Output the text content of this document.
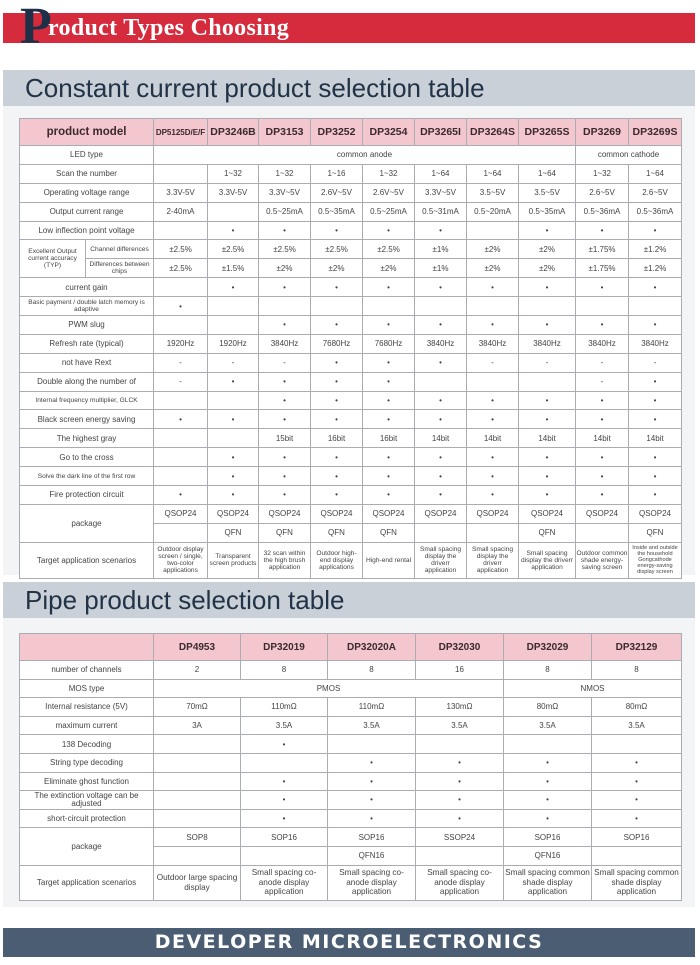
P
roduct Types Choosing
Constant current product selection table
product model		DP5125D/E/F	DP3246B	DP3153	DP3252	DP3254	DP3265I	DP3264S	DP3265S	DP3269	DP3269S
LED type		common anode								common cathode	
Scan the number			1~32	1~32	1~16	1~32	1~64	1~64	1~64	1~32	1~64
Operating voltage range		3.3V-5V	3.3V-5V	3.3V~5V	2.6V~5V	2.6V~5V	3.3V~5V	3.5~5V	3.5~5V	2.6~5V	2.6~5V
Output current range		2-40mA		0.5~25mA	0.5~35mA	0.5~25mA	0.5~31mA	0.5~20mA	0.5~35mA	0.5~36mA	0.5~36mA
Low inflection point voltage			•	•	•	•	•		•	•	•
Excellent Output current accuracy (TYP)	Channel differences	±2.5%	±2.5%	±2.5%	±2.5%	±2.5%	±1%	±2%	±2%	±1.75%	±1.2%
	Differences between chips	±2.5%	±1.5%	±2%	±2%	±2%	±1%	±2%	±2%	±1.75%	±1.2%
current gain			•	•	•	•	•	•	•	•	•
Basic payment / double latch memory is adaptive		•									
PWM slug				•	•	•	•	•	•	•	•
Refresh rate (typical)		1920Hz	1920Hz	3840Hz	7680Hz	7680Hz	3840Hz	3840Hz	3840Hz	3840Hz	3840Hz
not have Rext		-	-	-	•	•	•	-	-	-	-
Double along the number of		-	•	•	•	•				-	•
Internal frequency multiplier, GLCK				•	•	•	•	•	•	•	•
Black screen energy saving		•	•	•	•	•	•	•	•	•	•
The highest gray				15bit	16bit	16bit	14bit	14bit	14bit	14bit	14bit
Go to the cross			•	•	•	•	•	•	•	•	•
Solve the dark line of the first row			•	•	•	•	•	•	•	•	•
Fire protection circuit		•	•	•	•	•	•	•	•	•	•
package		QSOP24	QSOP24	QSOP24	QSOP24	QSOP24	QSOP24	QSOP24	QSOP24	QSOP24	QSOP24
			QFN	QFN	QFN	QFN			QFN		QFN
Target application scenarios		Outdoor display screen / single, two-color applications	Transparent screen products	32 scan within the high brush application	Outdoor high-end display applications	High-end rental	Small spacing display the driverr application	Small spacing display the driverr application	Small spacing display the driverr application	Outdoor common shade energy-saving screen	Inside and outside the household Gongcathode energy-saving display screen
Pipe product selection table
	DP4953	DP32019	DP32020A	DP32030	DP32029	DP32129
number of channels	2	8	8	16	8	8
MOS type	PMOS				NMOS	
Internal resistance (5V)	70mΩ	110mΩ	110mΩ	130mΩ	80mΩ	80mΩ
maximum current	3A	3.5A	3.5A	3.5A	3.5A	3.5A
138 Decoding		•				
String type decoding			•	•	•	•
Eliminate ghost function		•	•	•	•	•
The extinction voltage can be adjusted		•	•	•	•	•
short-circuit protection		•	•	•	•	•
package	SOP8	SOP16	SOP16	SSOP24	SOP16	SOP16
			QFN16		QFN16	
Target application scenarios	Outdoor large spacing display	Small spacing co-anode display application	Small spacing co-anode display application	Small spacing co-anode display application	Small spacing common shade display application	Small spacing common shade display application
DEVELOPER MICROELECTRONICS
